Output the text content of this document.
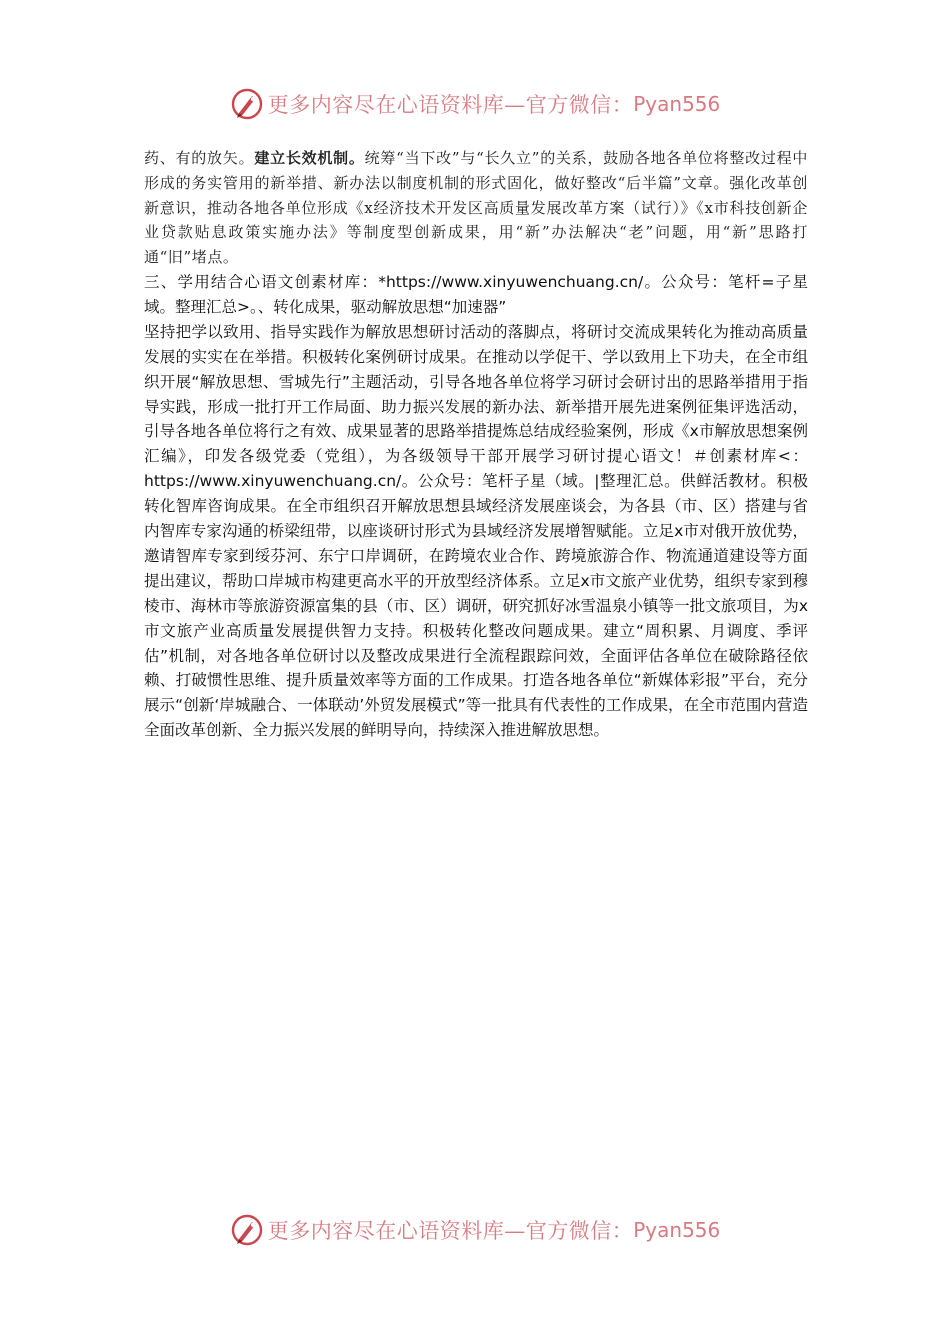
更多内容尽在心语资料库—官方微信： Pyan556

药、有的放矢。建立长效机制。统筹“当下改”与“长久立”的关系，鼓励各地各单位将整改过程中形成的务实管用的新举措、新办法以制度机制的形式固化，做好整改“后半篇”文章。强化改革创新意识，推动各地各单位形成《x经济技术开发区高质量发展改革方案（试行）》《x市科技创新企业贷款贴息政策实施办法》等制度型创新成果，用“新”办法解决“老”问题，用“新”思路打通“旧”堵点。

三、学用结合心语文创素材库：*https://www.xinyuwenchuang.cn/。公众号：笔杆=子星域。整理汇总>。、转化成果，驱动解放思想“加速器”

坚持把学以致用、指导实践作为解放思想研讨活动的落脚点，将研讨交流成果转化为推动高质量发展的实实在在举措。积极转化案例研讨成果。在推动以学促干、学以致用上下功夫，在全市组织开展“解放思想、雪城先行”主题活动，引导各地各单位将学习研讨会研讨出的思路举措用于指导实践，形成一批打开工作局面、助力振兴发展的新办法、新举措开展先进案例征集评选活动，引导各地各单位将行之有效、成果显著的思路举措提炼总结成经验案例，形成《x市解放思想案例汇编》，印发各级党委（党组），为各级领导干部开展学习研讨提心语文！＃创素材库<：https://www.xinyuwenchuang.cn/。公众号：笔杆子星（域。|整理汇总。供鲜活教材。积极转化智库咨询成果。在全市组织召开解放思想县域经济发展座谈会，为各县（市、区）搭建与省内智库专家沟通的桥梁纽带，以座谈研讨形式为县域经济发展增智赋能。立足x市对俄开放优势，邀请智库专家到绥芬河、东宁口岸调研，在跨境农业合作、跨境旅游合作、物流通道建设等方面提出建议，帮助口岸城市构建更高水平的开放型经济体系。立足x市文旅产业优势，组织专家到穆棱市、海林市等旅游资源富集的县（市、区）调研，研究抓好冰雪温泉小镇等一批文旅项目，为x市文旅产业高质量发展提供智力支持。积极转化整改问题成果。建立“周积累、月调度、季评估”机制，对各地各单位研讨以及整改成果进行全流程跟踪问效，全面评估各单位在破除路径依赖、打破惯性思维、提升质量效率等方面的工作成果。打造各地各单位“新媒体彩报”平台，充分展示“创新‘岸城融合、一体联动’外贸发展模式”等一批具有代表性的工作成果，在全市范围内营造全面改革创新、全力振兴发展的鲜明导向，持续深入推进解放思想。

更多内容尽在心语资料库—官方微信： Pyan556
